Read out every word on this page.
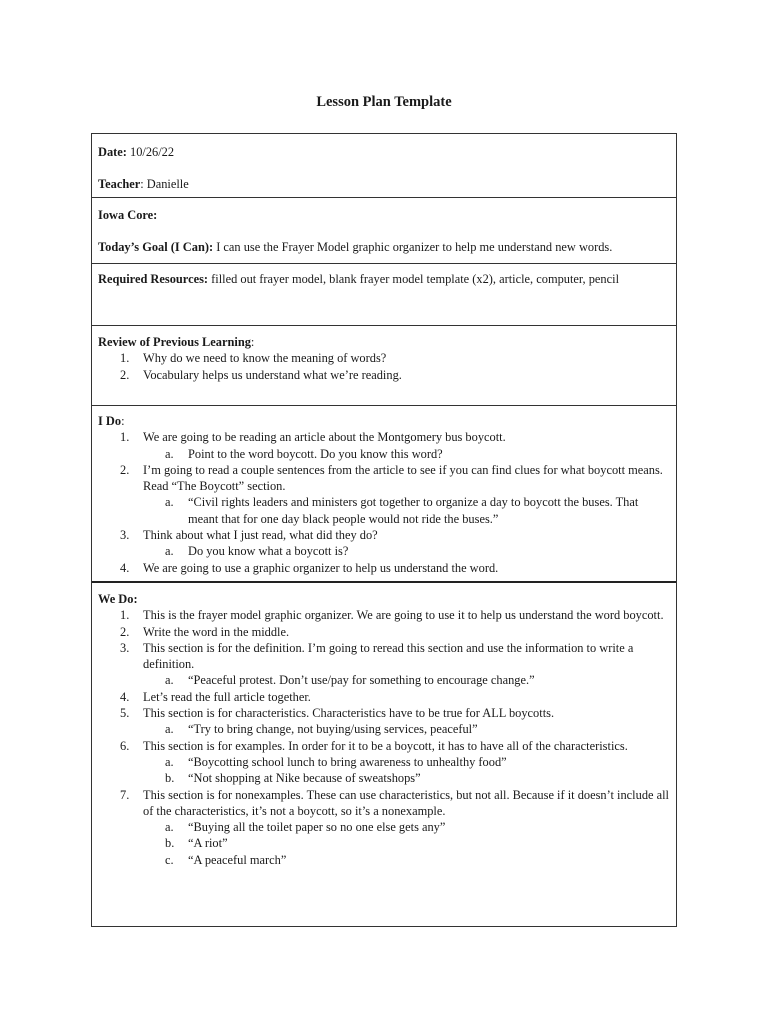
Lesson Plan Template

Date: 10/26/22

Teacher: Danielle

Iowa Core:

Today’s Goal (I Can): I can use the Frayer Model graphic organizer to help me understand new words.

Required Resources: filled out frayer model, blank frayer model template (x2), article, computer, pencil

Review of Previous Learning:

1. Why do we need to know the meaning of words?
2. Vocabulary helps us understand what we’re reading.

I Do:

1. We are going to be reading an article about the Montgomery bus boycott.
a. Point to the word boycott. Do you know this word?
2. I’m going to read a couple sentences from the article to see if you can find clues for what boycott means. Read “The Boycott” section.
a. “Civil rights leaders and ministers got together to organize a day to boycott the buses. That meant that for one day black people would not ride the buses.”
3. Think about what I just read, what did they do?
a. Do you know what a boycott is?
4. We are going to use a graphic organizer to help us understand the word.

We Do:

1. This is the frayer model graphic organizer. We are going to use it to help us understand the word boycott.
2. Write the word in the middle.
3. This section is for the definition. I’m going to reread this section and use the information to write a definition.
a. “Peaceful protest. Don’t use/pay for something to encourage change.”
4. Let’s read the full article together.
5. This section is for characteristics. Characteristics have to be true for ALL boycotts.
a. “Try to bring change, not buying/using services, peaceful”
6. This section is for examples. In order for it to be a boycott, it has to have all of the characteristics.
a. “Boycotting school lunch to bring awareness to unhealthy food”
b. “Not shopping at Nike because of sweatshops”
7. This section is for nonexamples. These can use characteristics, but not all. Because if it doesn’t include all of the characteristics, it’s not a boycott, so it’s a nonexample.
a. “Buying all the toilet paper so no one else gets any”
b. “A riot”
c. “A peaceful march”
